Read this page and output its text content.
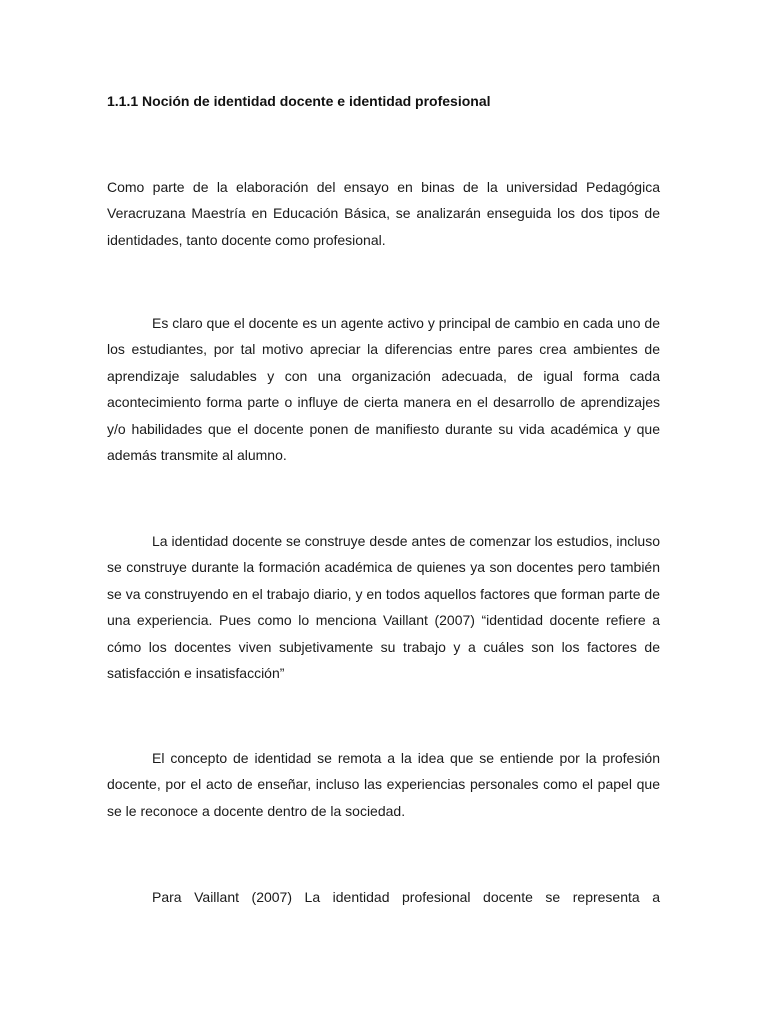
1.1.1 Noción de identidad docente e identidad profesional

Como parte de la elaboración del ensayo en binas de la universidad Pedagógica Veracruzana Maestría en Educación Básica, se analizarán enseguida los dos tipos de identidades, tanto docente como profesional.

Es claro que el docente es un agente activo y principal de cambio en cada uno de los estudiantes, por tal motivo apreciar la diferencias entre pares crea ambientes de aprendizaje saludables y con una organización adecuada, de igual forma cada acontecimiento forma parte o influye de cierta manera en el desarrollo de aprendizajes y/o habilidades que el docente ponen de manifiesto durante su vida académica y que además transmite al alumno.

La identidad docente se construye desde antes de comenzar los estudios, incluso se construye durante la formación académica de quienes ya son docentes pero también se va construyendo en el trabajo diario, y en todos aquellos factores que forman parte de una experiencia. Pues como lo menciona Vaillant (2007) “identidad docente refiere a cómo los docentes viven subjetivamente su trabajo y a cuáles son los factores de satisfacción e insatisfacción”

El concepto de identidad se remota a la idea que se entiende por la profesión docente, por el acto de enseñar, incluso las experiencias personales como el papel que se le reconoce a docente dentro de la sociedad.

Para Vaillant (2007) La identidad profesional docente se representa a
